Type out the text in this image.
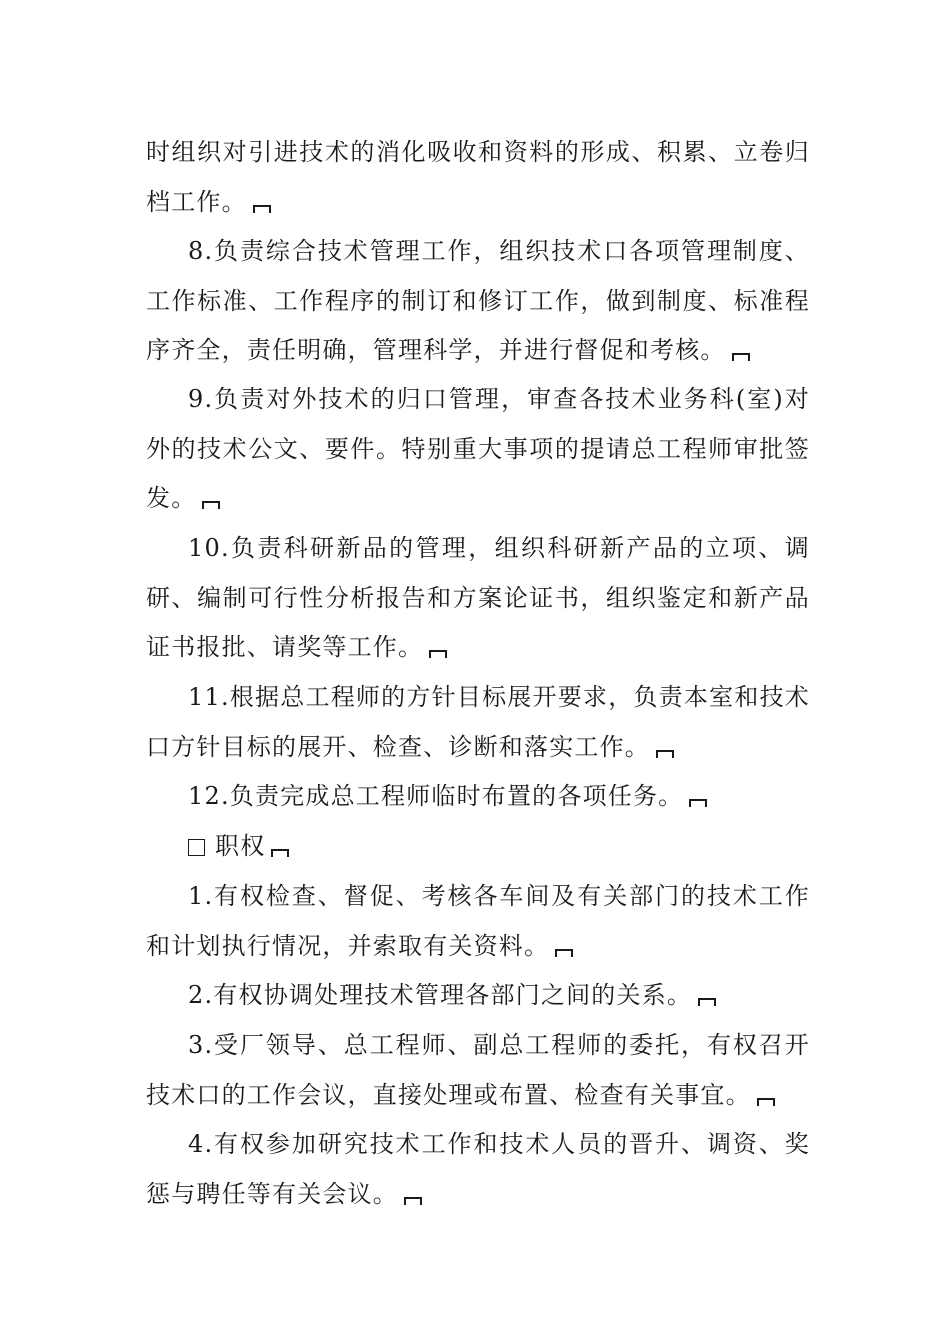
时组织对引进技术的消化吸收和资料的形成、积累、立卷归档工作。

8.负责综合技术管理工作，组织技术口各项管理制度、工作标准、工作程序的制订和修订工作，做到制度、标准程序齐全，责任明确，管理科学，并进行督促和考核。

9.负责对外技术的归口管理，审查各技术业务科(室)对外的技术公文、要件。特别重大事项的提请总工程师审批签发。

10.负责科研新品的管理，组织科研新产品的立项、调研、编制可行性分析报告和方案论证书，组织鉴定和新产品证书报批、请奖等工作。

11.根据总工程师的方针目标展开要求，负责本室和技术口方针目标的展开、检查、诊断和落实工作。

12.负责完成总工程师临时布置的各项任务。

职权

1.有权检查、督促、考核各车间及有关部门的技术工作和计划执行情况，并索取有关资料。

2.有权协调处理技术管理各部门之间的关系。

3.受厂领导、总工程师、副总工程师的委托，有权召开技术口的工作会议，直接处理或布置、检查有关事宜。

4.有权参加研究技术工作和技术人员的晋升、调资、奖惩与聘任等有关会议。
